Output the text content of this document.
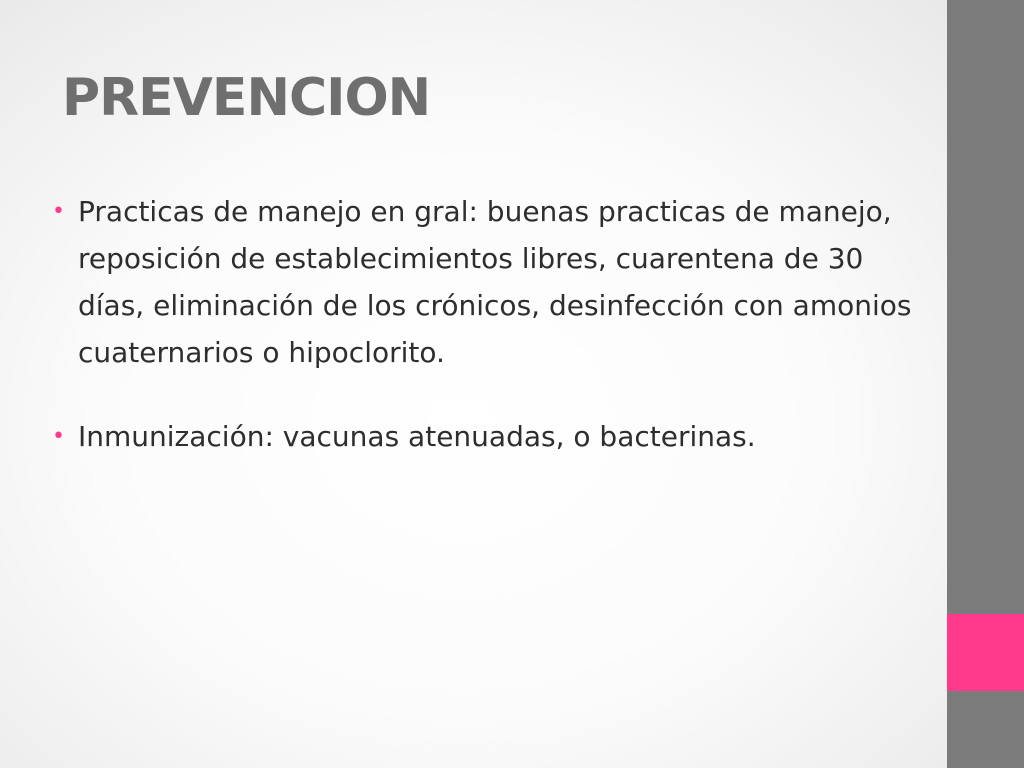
PREVENCION
• Practicas de manejo en gral: buenas practicas de manejo, reposición de establecimientos libres, cuarentena de 30 días, eliminación de los crónicos, desinfección con amonios cuaternarios o hipoclorito.
• Inmunización: vacunas atenuadas, o bacterinas.
